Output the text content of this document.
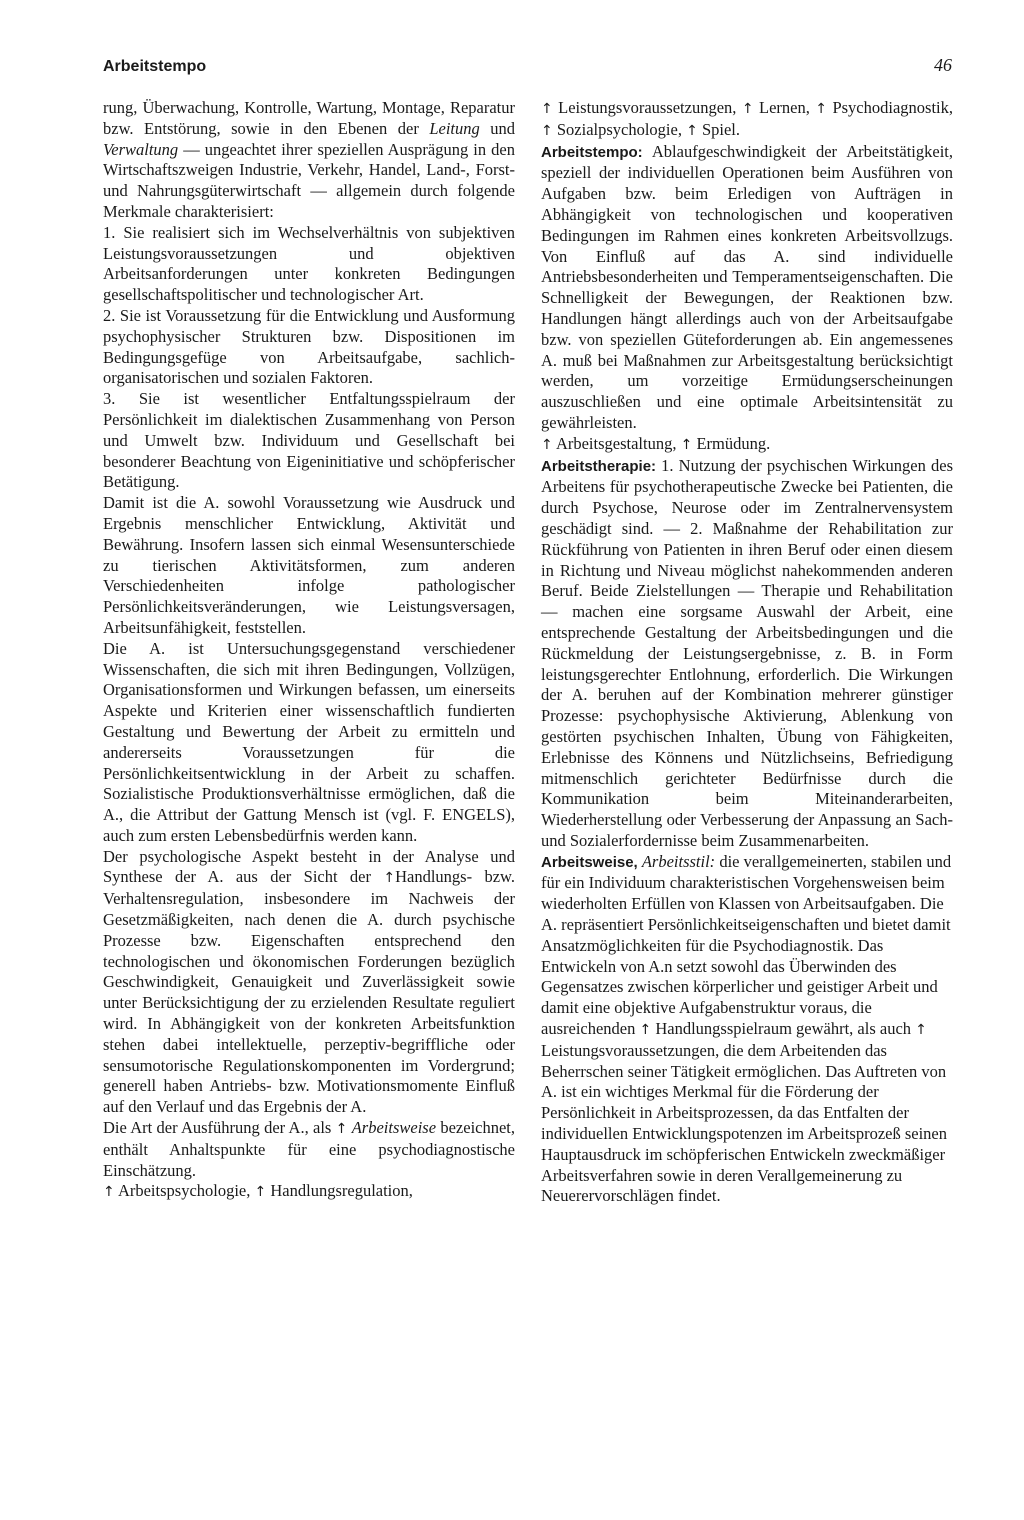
Arbeitstempo	46

rung, Überwachung, Kontrolle, Wartung, Montage, Reparatur bzw. Entstörung, sowie in den Ebenen der Leitung und Verwaltung — ungeachtet ihrer speziellen Ausprägung in den Wirtschaftszweigen Industrie, Verkehr, Handel, Land-, Forst- und Nahrungsgüterwirtschaft — allgemein durch folgende Merkmale charakterisiert:

1. Sie realisiert sich im Wechselverhältnis von subjektiven Leistungsvoraussetzungen und objektiven Arbeitsanforderungen unter konkreten Bedingungen gesellschaftspolitischer und technologischer Art.

2. Sie ist Voraussetzung für die Entwicklung und Ausformung psychophysischer Strukturen bzw. Dispositionen im Bedingungsgefüge von Arbeitsaufgabe, sachlich-organisatorischen und sozialen Faktoren.

3. Sie ist wesentlicher Entfaltungsspielraum der Persönlichkeit im dialektischen Zusammenhang von Person und Umwelt bzw. Individuum und Gesellschaft bei besonderer Beachtung von Eigeninitiative und schöpferischer Betätigung.

Damit ist die A. sowohl Voraussetzung wie Ausdruck und Ergebnis menschlicher Entwicklung, Aktivität und Bewährung. Insofern lassen sich einmal Wesensunterschiede zu tierischen Aktivitätsformen, zum anderen Verschiedenheiten infolge pathologischer Persönlichkeitsveränderungen, wie Leistungsversagen, Arbeitsunfähigkeit, feststellen.

Die A. ist Untersuchungsgegenstand verschiedener Wissenschaften, die sich mit ihren Bedingungen, Vollzügen, Organisationsformen und Wirkungen befassen, um einerseits Aspekte und Kriterien einer wissenschaftlich fundierten Gestaltung und Bewertung der Arbeit zu ermitteln und andererseits Voraussetzungen für die Persönlichkeitsentwicklung in der Arbeit zu schaffen. Sozialistische Produktionsverhältnisse ermöglichen, daß die A., die Attribut der Gattung Mensch ist (vgl. F. ENGELS), auch zum ersten Lebensbedürfnis werden kann.

Der psychologische Aspekt besteht in der Analyse und Synthese der A. aus der Sicht der ↑Handlungs- bzw. Verhaltensregulation, insbesondere im Nachweis der Gesetzmäßigkeiten, nach denen die A. durch psychische Prozesse bzw. Eigenschaften entsprechend den technologischen und ökonomischen Forderungen bezüglich Geschwindigkeit, Genauigkeit und Zuverlässigkeit sowie unter Berücksichtigung der zu erzielenden Resultate reguliert wird. In Abhängigkeit von der konkreten Arbeitsfunktion stehen dabei intellektuelle, perzeptiv-begriffliche oder sensumotorische Regulationskomponenten im Vordergrund; generell haben Antriebs- bzw. Motivationsmomente Einfluß auf den Verlauf und das Ergebnis der A.

Die Art der Ausführung der A., als ↑ Arbeitsweise bezeichnet, enthält Anhaltspunkte für eine psychodiagnostische Einschätzung.

↑ Arbeitspsychologie, ↑ Handlungsregulation,

↑ Leistungsvoraussetzungen, ↑ Lernen, ↑ Psychodiagnostik, ↑ Sozialpsychologie, ↑ Spiel.

Arbeitstempo: Ablaufgeschwindigkeit der Arbeitstätigkeit, speziell der individuellen Operationen beim Ausführen von Aufgaben bzw. beim Erledigen von Aufträgen in Abhängigkeit von technologischen und kooperativen Bedingungen im Rahmen eines konkreten Arbeitsvollzugs. Von Einfluß auf das A. sind individuelle Antriebsbesonderheiten und Temperamentseigenschaften. Die Schnelligkeit der Bewegungen, der Reaktionen bzw. Handlungen hängt allerdings auch von der Arbeitsaufgabe bzw. von speziellen Güteforderungen ab. Ein angemessenes A. muß bei Maßnahmen zur Arbeitsgestaltung berücksichtigt werden, um vorzeitige Ermüdungserscheinungen auszuschließen und eine optimale Arbeitsintensität zu gewährleisten.

↑ Arbeitsgestaltung, ↑ Ermüdung.

Arbeitstherapie: 1. Nutzung der psychischen Wirkungen des Arbeitens für psychotherapeutische Zwecke bei Patienten, die durch Psychose, Neurose oder im Zentralnervensystem geschädigt sind. — 2. Maßnahme der Rehabilitation zur Rückführung von Patienten in ihren Beruf oder einen diesem in Richtung und Niveau möglichst nahekommenden anderen Beruf. Beide Zielstellungen — Therapie und Rehabilitation — machen eine sorgsame Auswahl der Arbeit, eine entsprechende Gestaltung der Arbeitsbedingungen und die Rückmeldung der Leistungsergebnisse, z. B. in Form leistungsgerechter Entlohnung, erforderlich. Die Wirkungen der A. beruhen auf der Kombination mehrerer günstiger Prozesse: psychophysische Aktivierung, Ablenkung von gestörten psychischen Inhalten, Übung von Fähigkeiten, Erlebnisse des Könnens und Nützlichseins, Befriedigung mitmenschlich gerichteter Bedürfnisse durch die Kommunikation beim Miteinanderarbeiten, Wiederherstellung oder Verbesserung der Anpassung an Sach- und Sozialerfordernisse beim Zusammenarbeiten.

Arbeitsweise, Arbeitsstil: die verallgemeinerten, stabilen und für ein Individuum charakteristischen Vorgehensweisen beim wiederholten Erfüllen von Klassen von Arbeitsaufgaben. Die A. repräsentiert Persönlichkeitseigenschaften und bietet damit Ansatzmöglichkeiten für die Psychodiagnostik. Das Entwickeln von A.n setzt sowohl das Überwinden des Gegensatzes zwischen körperlicher und geistiger Arbeit und damit eine objektive Aufgabenstruktur voraus, die ausreichenden ↑ Handlungsspielraum gewährt, als auch ↑ Leistungsvoraussetzungen, die dem Arbeitenden das Beherrschen seiner Tätigkeit ermöglichen. Das Auftreten von A. ist ein wichtiges Merkmal für die Förderung der Persönlichkeit in Arbeitsprozessen, da das Entfalten der individuellen Entwicklungspotenzen im Arbeitsprozeß seinen Hauptausdruck im schöpferischen Entwickeln zweckmäßiger Arbeitsverfahren sowie in deren Verallgemeinerung zu Neuerervorschlägen findet.
